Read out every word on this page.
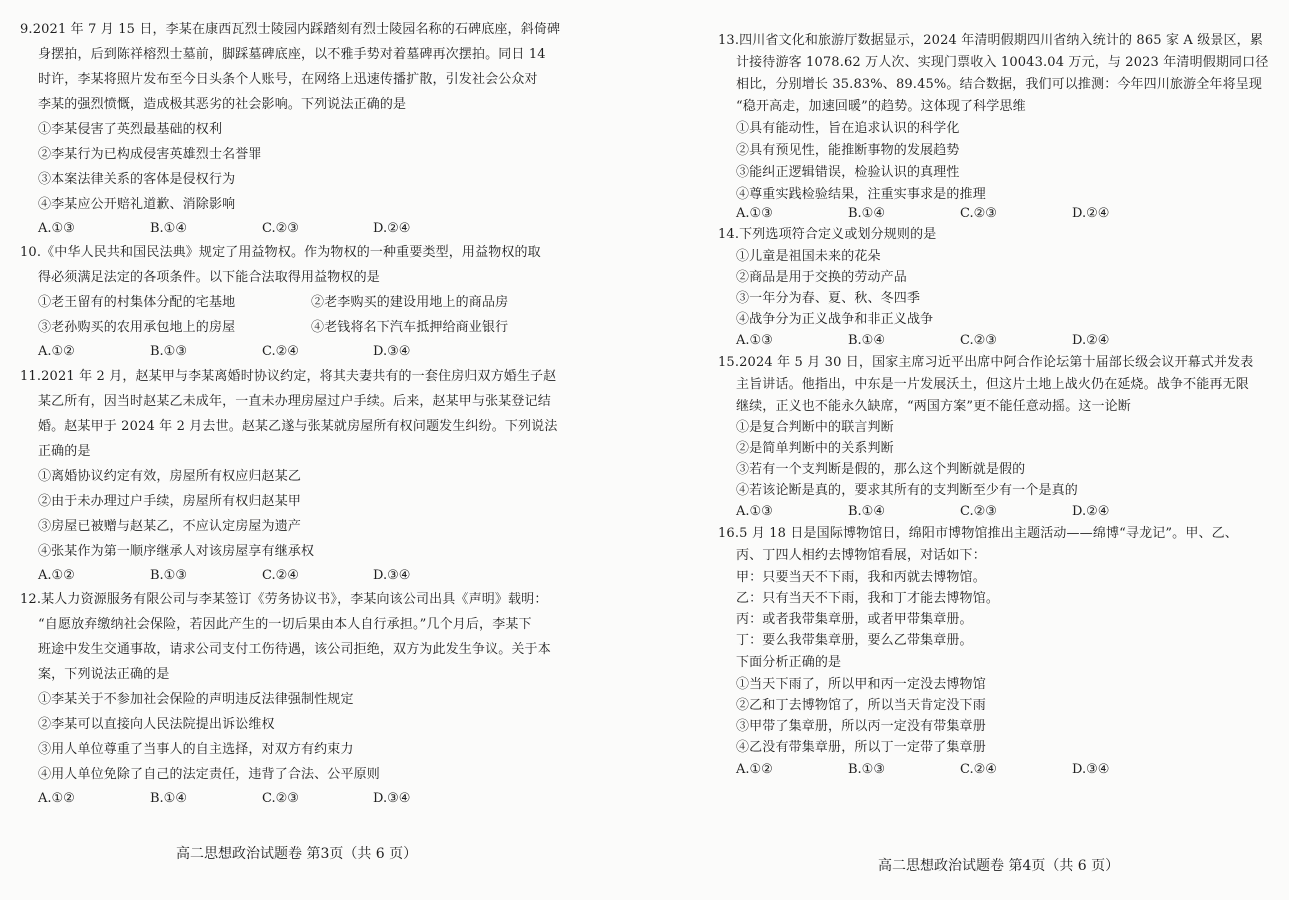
9.2021 年 7 月 15 日，李某在康西瓦烈士陵园内踩踏刻有烈士陵园名称的石碑底座，斜倚碑
身摆拍，后到陈祥榕烈士墓前，脚踩墓碑底座，以不雅手势对着墓碑再次摆拍。同日 14
时许，李某将照片发布至今日头条个人账号，在网络上迅速传播扩散，引发社会公众对
李某的强烈愤慨，造成极其恶劣的社会影响。下列说法正确的是
①李某侵害了英烈最基础的权利
②李某行为已构成侵害英雄烈士名誉罪
③本案法律关系的客体是侵权行为
④李某应公开赔礼道歉、消除影响
A.①③	B.①④	C.②③	D.②④
10.《中华人民共和国民法典》规定了用益物权。作为物权的一种重要类型，用益物权的取
得必须满足法定的各项条件。以下能合法取得用益物权的是
①老王留有的村集体分配的宅基地	②老李购买的建设用地上的商品房
③老孙购买的农用承包地上的房屋	④老钱将名下汽车抵押给商业银行
A.①②	B.①③	C.②④	D.③④
11.2021 年 2 月，赵某甲与李某离婚时协议约定，将其夫妻共有的一套住房归双方婚生子赵
某乙所有，因当时赵某乙未成年，一直未办理房屋过户手续。后来，赵某甲与张某登记结
婚。赵某甲于 2024 年 2 月去世。赵某乙遂与张某就房屋所有权问题发生纠纷。下列说法
正确的是
①离婚协议约定有效，房屋所有权应归赵某乙
②由于未办理过户手续，房屋所有权归赵某甲
③房屋已被赠与赵某乙，不应认定房屋为遗产
④张某作为第一顺序继承人对该房屋享有继承权
A.①②	B.①③	C.②④	D.③④
12.某人力资源服务有限公司与李某签订《劳务协议书》，李某向该公司出具《声明》载明：
“自愿放弃缴纳社会保险，若因此产生的一切后果由本人自行承担。”几个月后，李某下
班途中发生交通事故，请求公司支付工伤待遇，该公司拒绝，双方为此发生争议。关于本
案，下列说法正确的是
①李某关于不参加社会保险的声明违反法律强制性规定
②李某可以直接向人民法院提出诉讼维权
③用人单位尊重了当事人的自主选择，对双方有约束力
④用人单位免除了自己的法定责任，违背了合法、公平原则
A.①②	B.①④	C.②③	D.③④
高二思想政治试题卷 第3页（共 6 页）
13.四川省文化和旅游厅数据显示，2024 年清明假期四川省纳入统计的 865 家 A 级景区，累
计接待游客 1078.62 万人次、实现门票收入 10043.04 万元，与 2023 年清明假期同口径
相比，分别增长 35.83%、89.45%。结合数据，我们可以推测：今年四川旅游全年将呈现
“稳开高走，加速回暖”的趋势。这体现了科学思维
①具有能动性，旨在追求认识的科学化
②具有预见性，能推断事物的发展趋势
③能纠正逻辑错误，检验认识的真理性
④尊重实践检验结果，注重实事求是的推理
A.①③	B.①④	C.②③	D.②④
14.下列选项符合定义或划分规则的是
①儿童是祖国未来的花朵
②商品是用于交换的劳动产品
③一年分为春、夏、秋、冬四季
④战争分为正义战争和非正义战争
A.①③	B.①④	C.②③	D.②④
15.2024 年 5 月 30 日，国家主席习近平出席中阿合作论坛第十届部长级会议开幕式并发表
主旨讲话。他指出，中东是一片发展沃土，但这片土地上战火仍在延烧。战争不能再无限
继续，正义也不能永久缺席，“两国方案”更不能任意动摇。这一论断
①是复合判断中的联言判断
②是简单判断中的关系判断
③若有一个支判断是假的，那么这个判断就是假的
④若该论断是真的，要求其所有的支判断至少有一个是真的
A.①③	B.①④	C.②③	D.②④
16.5 月 18 日是国际博物馆日，绵阳市博物馆推出主题活动——绵博“寻龙记”。甲、乙、
丙、丁四人相约去博物馆看展，对话如下：
甲：只要当天不下雨，我和丙就去博物馆。
乙：只有当天不下雨，我和丁才能去博物馆。
丙：或者我带集章册，或者甲带集章册。
丁：要么我带集章册，要么乙带集章册。
下面分析正确的是
①当天下雨了，所以甲和丙一定没去博物馆
②乙和丁去博物馆了，所以当天肯定没下雨
③甲带了集章册，所以丙一定没有带集章册
④乙没有带集章册，所以丁一定带了集章册
A.①②	B.①③	C.②④	D.③④
高二思想政治试题卷 第4页（共 6 页）
